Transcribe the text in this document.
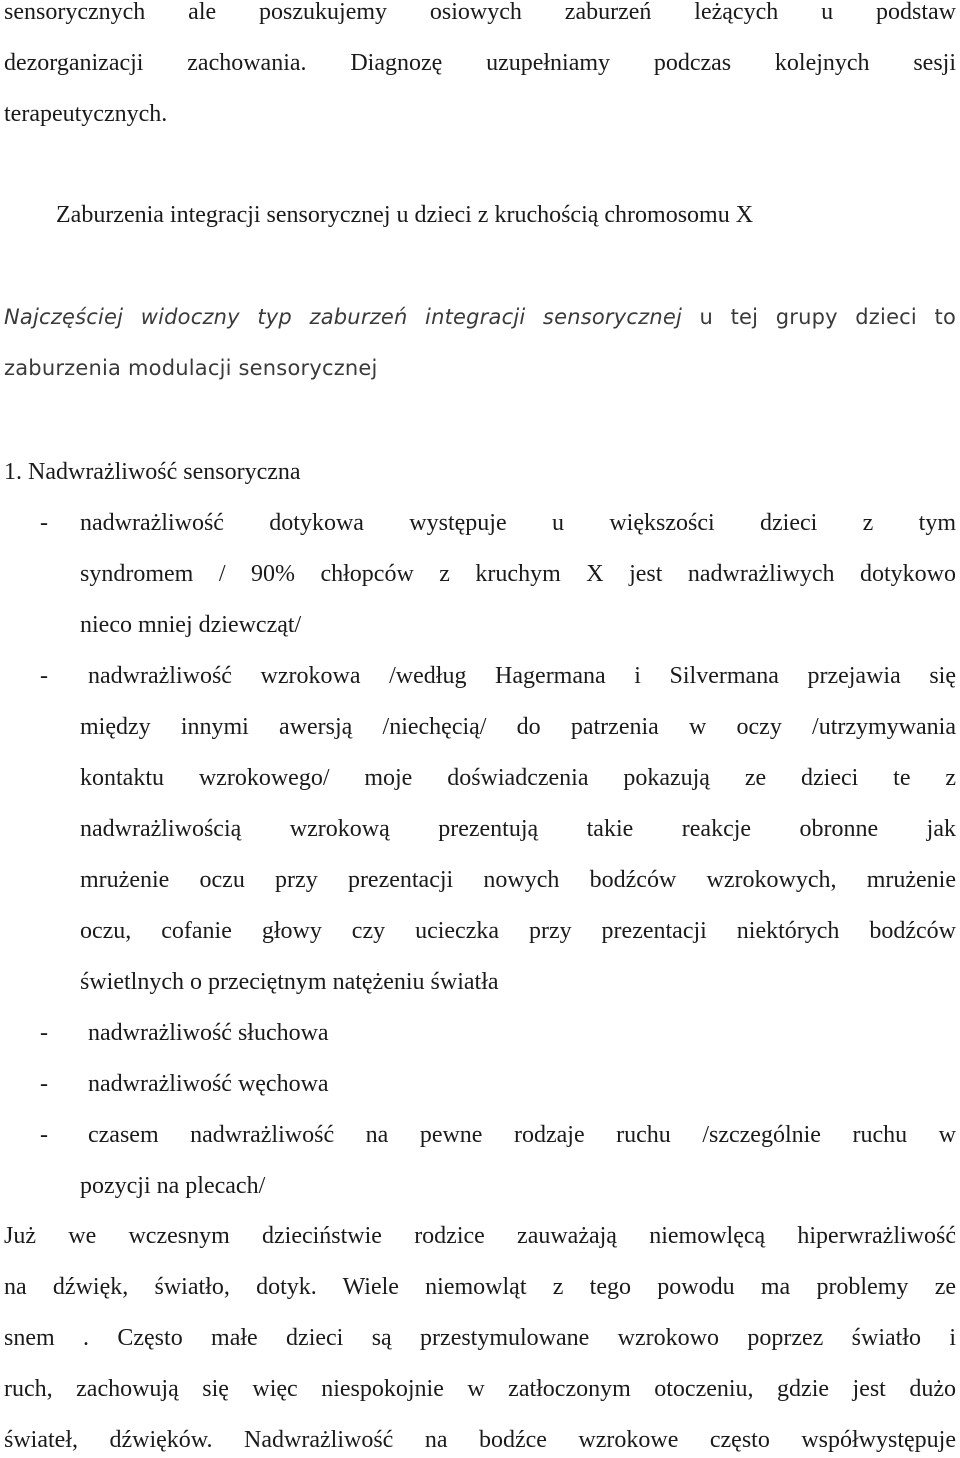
sensorycznych ale poszukujemy osiowych zaburzeń leżących u podstaw
dezorganizacji zachowania. Diagnozę uzupełniamy podczas kolejnych sesji
terapeutycznych.
Zaburzenia integracji sensorycznej u dzieci z kruchością chromosomu X
Najczęściej widoczny typ zaburzeń integracji sensorycznej u tej grupy dzieci to
zaburzenia modulacji sensorycznej
1. Nadwrażliwość sensoryczna
- nadwrażliwość dotykowa występuje u większości dzieci z tym
syndromem / 90% chłopców z kruchym X jest nadwrażliwych dotykowo
nieco mniej dziewcząt/
- nadwrażliwość wzrokowa /według Hagermana i Silvermana przejawia się
między innymi awersją /niechęcią/ do patrzenia w oczy /utrzymywania
kontaktu wzrokowego/ moje doświadczenia pokazują ze dzieci te z
nadwrażliwością wzrokową prezentują takie reakcje obronne jak
mrużenie oczu przy prezentacji nowych bodźców wzrokowych, mrużenie
oczu, cofanie głowy czy ucieczka przy prezentacji niektórych bodźców
świetlnych o przeciętnym natężeniu światła
- nadwrażliwość słuchowa
- nadwrażliwość węchowa
- czasem nadwrażliwość na pewne rodzaje ruchu /szczególnie ruchu w
pozycji na plecach/
Już we wczesnym dzieciństwie rodzice zauważają niemowlęcą hiperwrażliwość
na dźwięk, światło, dotyk. Wiele niemowląt z tego powodu ma problemy ze
snem . Często małe dzieci są przestymulowane wzrokowo poprzez światło i
ruch, zachowują się więc niespokojnie w zatłoczonym otoczeniu, gdzie jest dużo
świateł, dźwięków. Nadwrażliwość na bodźce wzrokowe często współwystępuje
